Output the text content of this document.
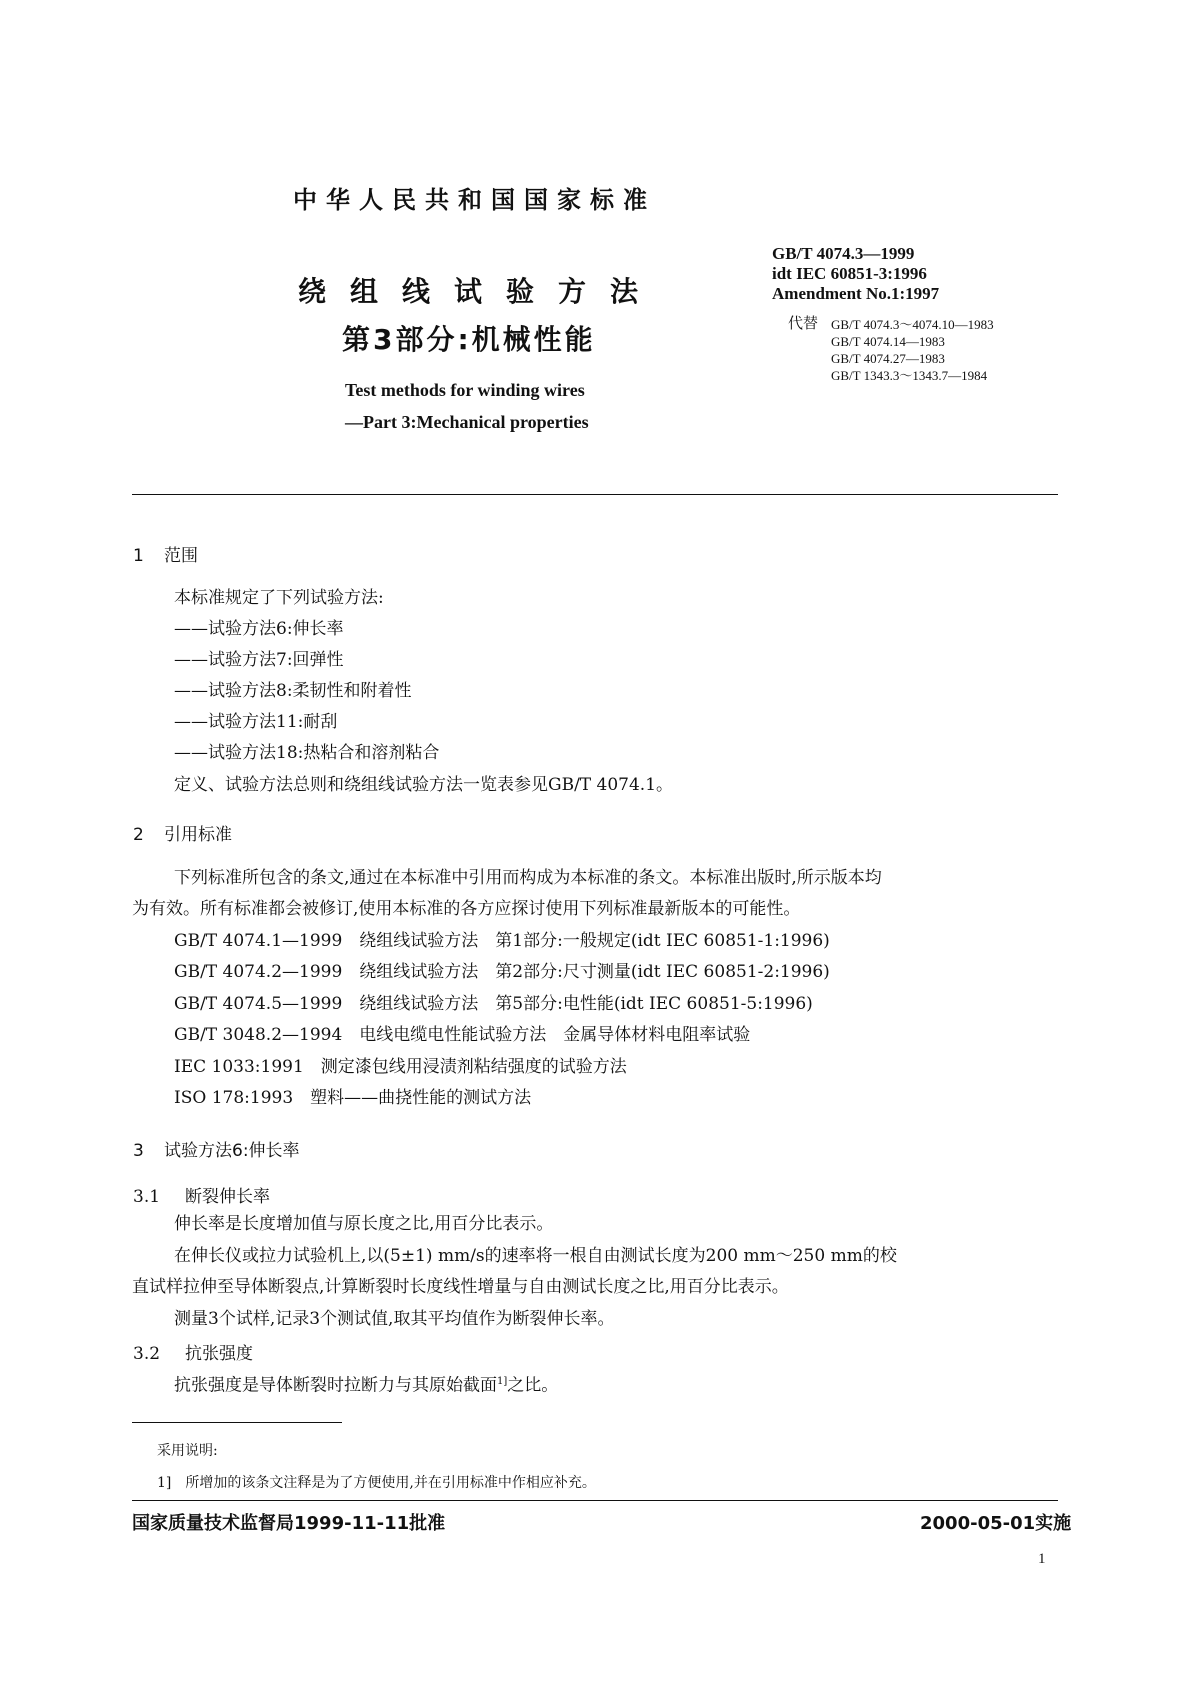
中华人民共和国国家标准
GB/T 4074.3—1999
idt IEC 60851-3:1996
Amendment No.1:1997
代替 GB/T 4074.3～4074.10—1983
GB/T 4074.14—1983
GB/T 4074.27—1983
GB/T 1343.3～1343.7—1984
绕组线试验方法
第3部分:机械性能
Test methods for winding wires
—Part 3:Mechanical properties
1 范围
本标准规定了下列试验方法:
——试验方法6:伸长率
——试验方法7:回弹性
——试验方法8:柔韧性和附着性
——试验方法11:耐刮
——试验方法18:热粘合和溶剂粘合
定义、试验方法总则和绕组线试验方法一览表参见GB/T 4074.1。
2 引用标准
下列标准所包含的条文,通过在本标准中引用而构成为本标准的条文。本标准出版时,所示版本均
为有效。所有标准都会被修订,使用本标准的各方应探讨使用下列标准最新版本的可能性。
GB/T 4074.1—1999　绕组线试验方法　第1部分:一般规定(idt IEC 60851-1:1996)
GB/T 4074.2—1999　绕组线试验方法　第2部分:尺寸测量(idt IEC 60851-2:1996)
GB/T 4074.5—1999　绕组线试验方法　第5部分:电性能(idt IEC 60851-5:1996)
GB/T 3048.2—1994　电线电缆电性能试验方法　金属导体材料电阻率试验
IEC 1033:1991　测定漆包线用浸渍剂粘结强度的试验方法
ISO 178:1993　塑料——曲挠性能的测试方法
3 试验方法6:伸长率
3.1 断裂伸长率
伸长率是长度增加值与原长度之比,用百分比表示。
在伸长仪或拉力试验机上,以(5±1) mm/s的速率将一根自由测试长度为200 mm～250 mm的校
直试样拉伸至导体断裂点,计算断裂时长度线性增量与自由测试长度之比,用百分比表示。
测量3个试样,记录3个测试值,取其平均值作为断裂伸长率。
3.2 抗张强度
抗张强度是导体断裂时拉断力与其原始截面$^{1]}$之比。
采用说明:
1]　所增加的该条文注释是为了方便使用,并在引用标准中作相应补充。
国家质量技术监督局1999-11-11批准	2000-05-01实施
1
